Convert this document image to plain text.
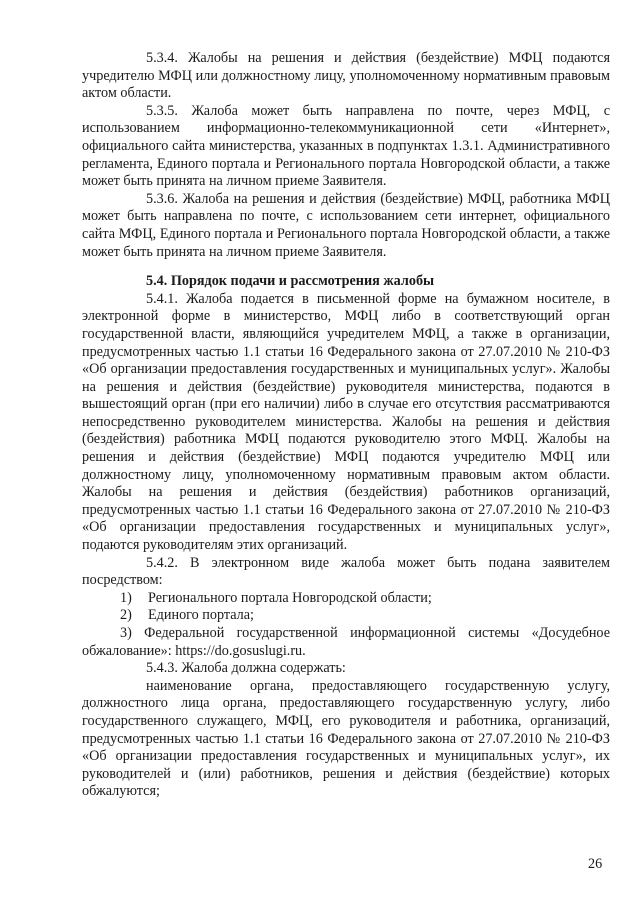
5.3.4. Жалобы на решения и действия (бездействие) МФЦ подаются учредителю МФЦ или должностному лицу, уполномоченному нормативным правовым актом области.

5.3.5. Жалоба может быть направлена по почте, через МФЦ, с использованием информационно-телекоммуникационной сети «Интернет», официального сайта министерства, указанных в подпунктах 1.3.1. Административного регламента, Единого портала и Регионального портала Новгородской области, а также может быть принята на личном приеме Заявителя.

5.3.6. Жалоба на решения и действия (бездействие) МФЦ, работника МФЦ может быть направлена по почте, с использованием сети интернет, официального сайта МФЦ, Единого портала и Регионального портала Новгородской области, а также может быть принята на личном приеме Заявителя.

5.4. Порядок подачи и рассмотрения жалобы

5.4.1. Жалоба подается в письменной форме на бумажном носителе, в электронной форме в министерство, МФЦ либо в соответствующий орган государственной власти, являющийся учредителем МФЦ, а также в организации, предусмотренных частью 1.1 статьи 16 Федерального закона от 27.07.2010 № 210-ФЗ «Об организации предоставления государственных и муниципальных услуг». Жалобы на решения и действия (бездействие) руководителя министерства, подаются в вышестоящий орган (при его наличии) либо в случае его отсутствия рассматриваются непосредственно руководителем министерства. Жалобы на решения и действия (бездействия) работника МФЦ подаются руководителю этого МФЦ. Жалобы на решения и действия (бездействие) МФЦ подаются учредителю МФЦ или должностному лицу, уполномоченному нормативным правовым актом области. Жалобы на решения и действия (бездействия) работников организаций, предусмотренных частью 1.1 статьи 16 Федерального закона от 27.07.2010 № 210-ФЗ «Об организации предоставления государственных и муниципальных услуг», подаются руководителям этих организаций.

5.4.2. В электронном виде жалоба может быть подана заявителем посредством:

1) Регионального портала Новгородской области;

2) Единого портала;

3) Федеральной государственной информационной системы «Досудебное обжалование»: https://do.gosuslugi.ru.

5.4.3. Жалоба должна содержать:

наименование органа, предоставляющего государственную услугу, должностного лица органа, предоставляющего государственную услугу, либо государственного служащего, МФЦ, его руководителя и работника, организаций, предусмотренных частью 1.1 статьи 16 Федерального закона от 27.07.2010 № 210-ФЗ «Об организации предоставления государственных и муниципальных услуг», их руководителей и (или) работников, решения и действия (бездействие) которых обжалуются;

26
